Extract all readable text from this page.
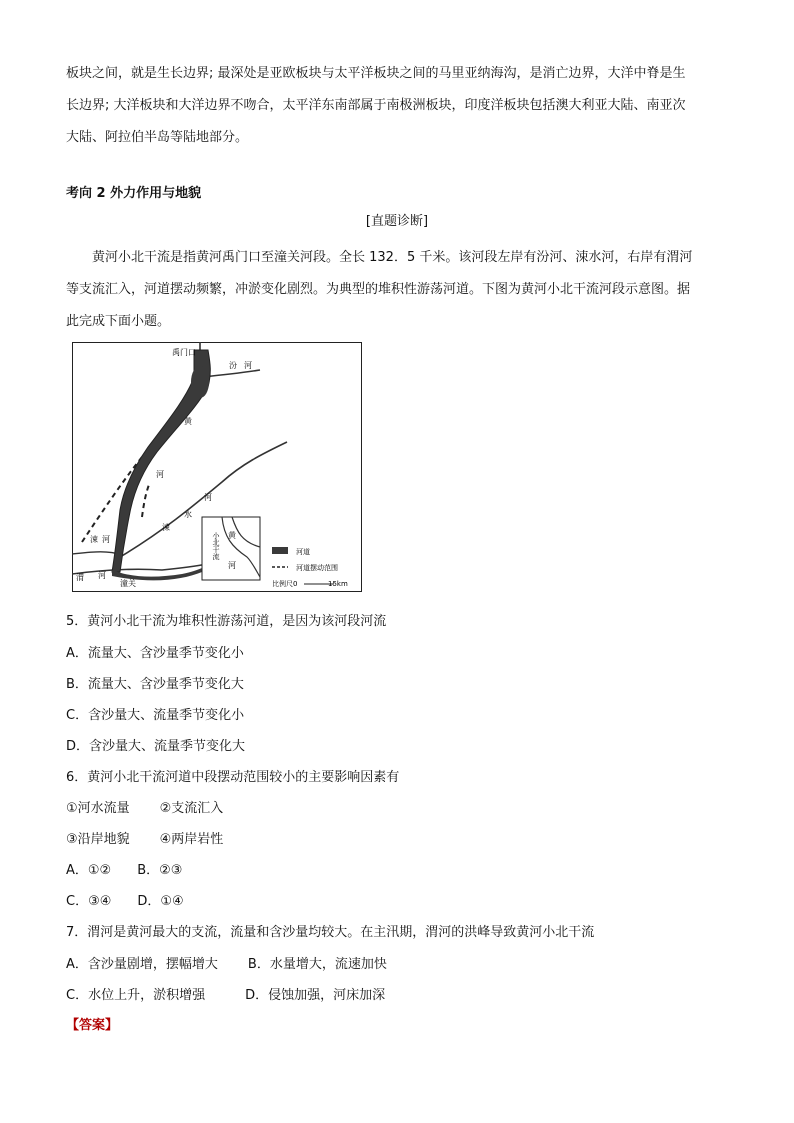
板块之间，就是生长边界; 最深处是亚欧板块与太平洋板块之间的马里亚纳海沟，是消亡边界，大洋中脊是生
长边界; 大洋板块和大洋边界不吻合，太平洋东南部属于南极洲板块，印度洋板块包括澳大利亚大陆、南亚次
大陆、阿拉伯半岛等陆地部分。
考向 2 外力作用与地貌
[直题诊断]
黄河小北干流是指黄河禹门口至潼关河段。全长 132．5 千米。该河段左岸有汾河、涑水河，右岸有渭河
等支流汇入，河道摆动频繁，冲淤变化剧烈。为典型的堆积性游荡河道。下图为黄河小北干流河段示意图。据
此完成下面小题。
禹门口
汾 河
黄
河
河
水
涑
涑 河
渭 河
潼关
黄
河
小北干流	河道
河道摆动范围
比例尺0	15km
5．黄河小北干流为堆积性游荡河道，是因为该河段河流
A．流量大、含沙量季节变化小
B．流量大、含沙量季节变化大
C．含沙量大、流量季节变化小
D．含沙量大、流量季节变化大
6．黄河小北干流河道中段摆动范围较小的主要影响因素有
①河水流量 ②支流汇入
③沿岸地貌 ④两岸岩性
A．①② B．②③
C．③④ D．①④
7．渭河是黄河最大的支流，流量和含沙量均较大。在主汛期，渭河的洪峰导致黄河小北干流
A．含沙量剧增，摆幅增大 B．水量增大，流速加快
C．水位上升，淤积增强	D．侵蚀加强，河床加深
【答案】
